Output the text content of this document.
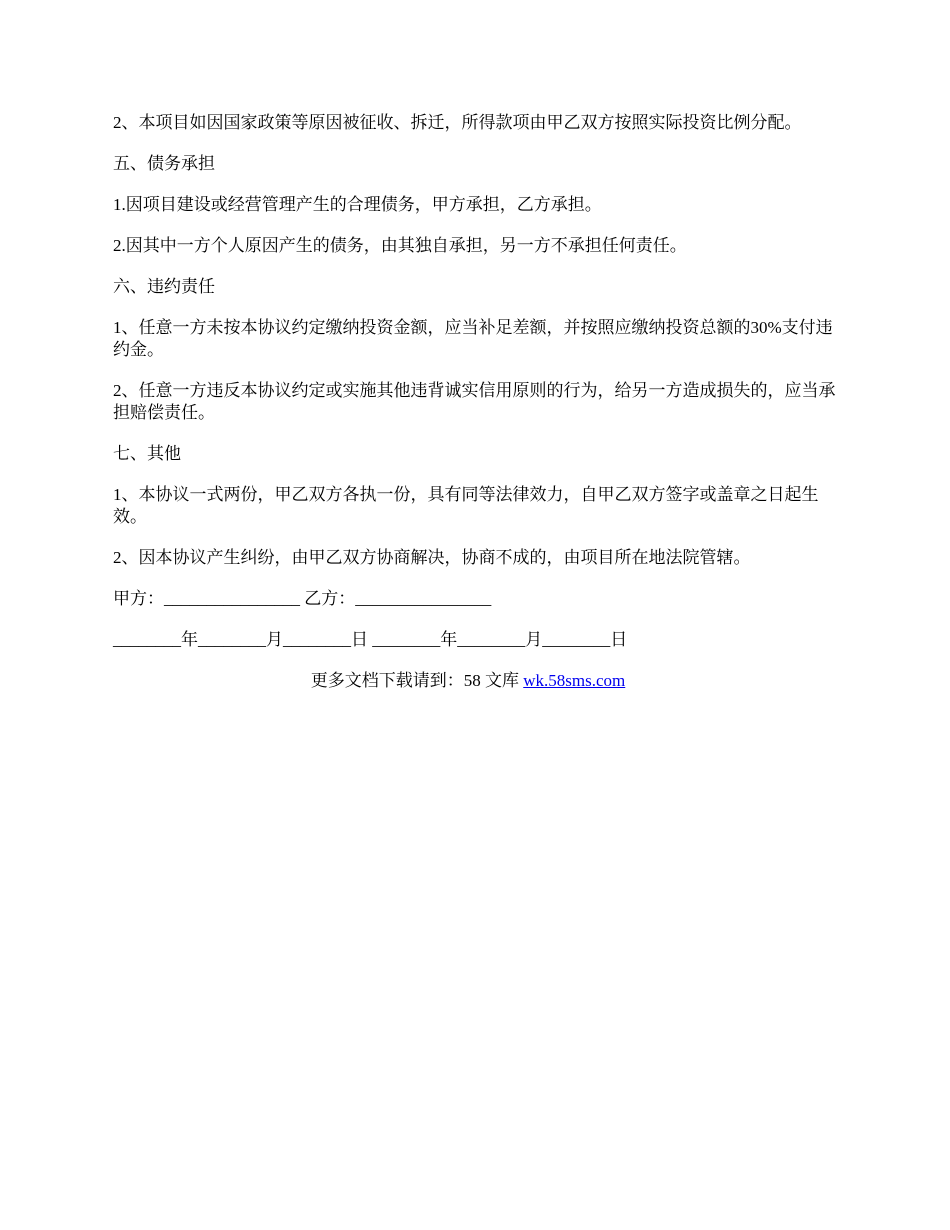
2、本项目如因国家政策等原因被征收、拆迁，所得款项由甲乙双方按照实际投资比例分配。

五、债务承担

1.因项目建设或经营管理产生的合理债务，甲方承担，乙方承担。

2.因其中一方个人原因产生的债务，由其独自承担，另一方不承担任何责任。

六、违约责任

1、任意一方未按本协议约定缴纳投资金额，应当补足差额，并按照应缴纳投资总额的30%支付违约金。

2、任意一方违反本协议约定或实施其他违背诚实信用原则的行为，给另一方造成损失的，应当承担赔偿责任。

七、其他

1、本协议一式两份，甲乙双方各执一份，具有同等法律效力，自甲乙双方签字或盖章之日起生效。

2、因本协议产生纠纷，由甲乙双方协商解决，协商不成的，由项目所在地法院管辖。

甲方：________________ 乙方：________________

________年________月________日 ________年________月________日

更多文档下载请到：58 文库 wk.58sms.com
